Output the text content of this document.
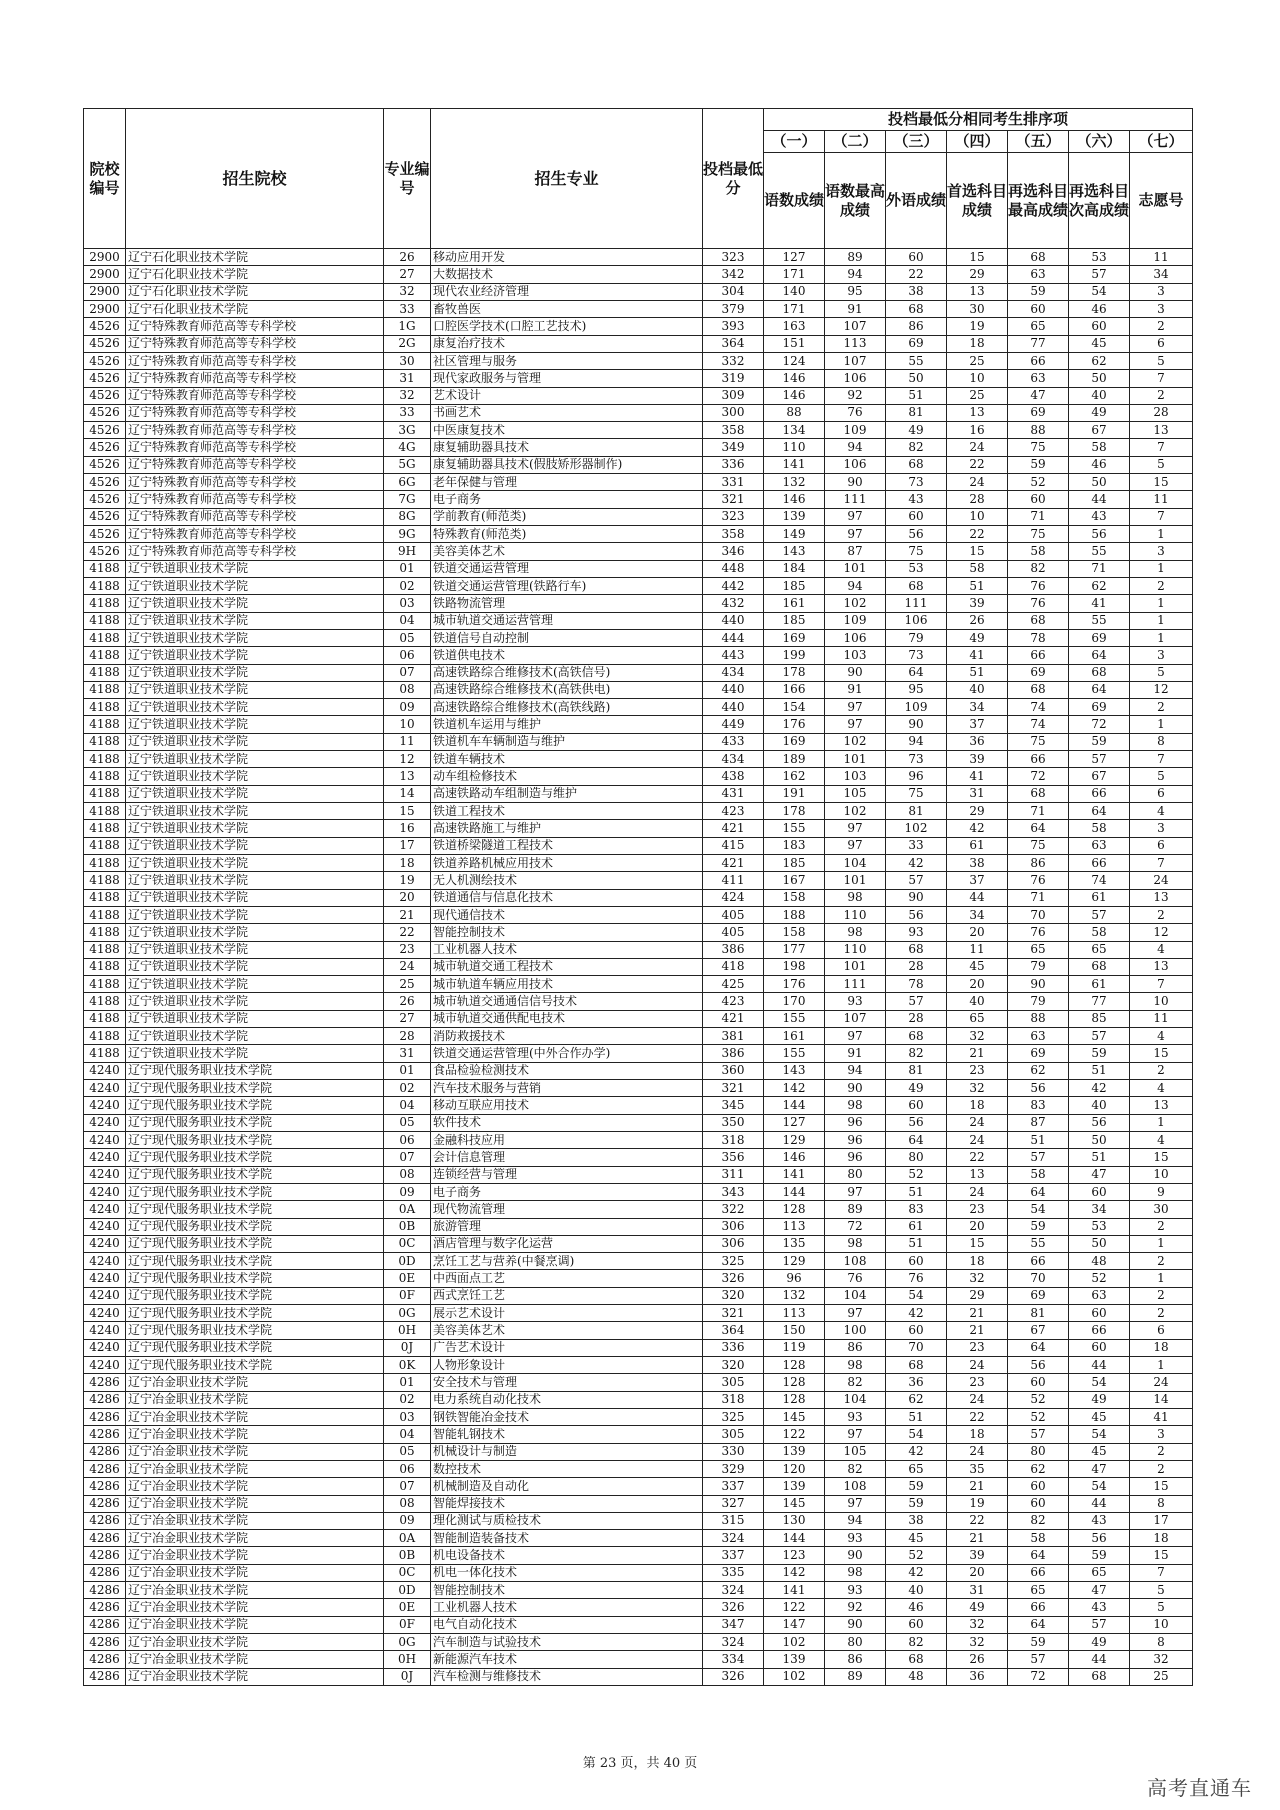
院校编号	招生院校	专业编号	招生专业	投档最低分	投档最低分相同考生排序项						
					（一）	（二）	（三）	（四）	（五）	（六）	（七）
					语数成绩	语数最高成绩	外语成绩	首选科目成绩	再选科目最高成绩	再选科目次高成绩	志愿号
2900	辽宁石化职业技术学院	26	移动应用开发	323	127	89	60	15	68	53	11
2900	辽宁石化职业技术学院	27	大数据技术	342	171	94	22	29	63	57	34
2900	辽宁石化职业技术学院	32	现代农业经济管理	304	140	95	38	13	59	54	3
2900	辽宁石化职业技术学院	33	畜牧兽医	379	171	91	68	30	60	46	3
4526	辽宁特殊教育师范高等专科学校	1G	口腔医学技术(口腔工艺技术)	393	163	107	86	19	65	60	2
4526	辽宁特殊教育师范高等专科学校	2G	康复治疗技术	364	151	113	69	18	77	45	6
4526	辽宁特殊教育师范高等专科学校	30	社区管理与服务	332	124	107	55	25	66	62	5
4526	辽宁特殊教育师范高等专科学校	31	现代家政服务与管理	319	146	106	50	10	63	50	7
4526	辽宁特殊教育师范高等专科学校	32	艺术设计	309	146	92	51	25	47	40	2
4526	辽宁特殊教育师范高等专科学校	33	书画艺术	300	88	76	81	13	69	49	28
4526	辽宁特殊教育师范高等专科学校	3G	中医康复技术	358	134	109	49	16	88	67	13
4526	辽宁特殊教育师范高等专科学校	4G	康复辅助器具技术	349	110	94	82	24	75	58	7
4526	辽宁特殊教育师范高等专科学校	5G	康复辅助器具技术(假肢矫形器制作)	336	141	106	68	22	59	46	5
4526	辽宁特殊教育师范高等专科学校	6G	老年保健与管理	331	132	90	73	24	52	50	15
4526	辽宁特殊教育师范高等专科学校	7G	电子商务	321	146	111	43	28	60	44	11
4526	辽宁特殊教育师范高等专科学校	8G	学前教育(师范类)	323	139	97	60	10	71	43	7
4526	辽宁特殊教育师范高等专科学校	9G	特殊教育(师范类)	358	149	97	56	22	75	56	1
4526	辽宁特殊教育师范高等专科学校	9H	美容美体艺术	346	143	87	75	15	58	55	3
4188	辽宁铁道职业技术学院	01	铁道交通运营管理	448	184	101	53	58	82	71	1
4188	辽宁铁道职业技术学院	02	铁道交通运营管理(铁路行车)	442	185	94	68	51	76	62	2
4188	辽宁铁道职业技术学院	03	铁路物流管理	432	161	102	111	39	76	41	1
4188	辽宁铁道职业技术学院	04	城市轨道交通运营管理	440	185	109	106	26	68	55	1
4188	辽宁铁道职业技术学院	05	铁道信号自动控制	444	169	106	79	49	78	69	1
4188	辽宁铁道职业技术学院	06	铁道供电技术	443	199	103	73	41	66	64	3
4188	辽宁铁道职业技术学院	07	高速铁路综合维修技术(高铁信号)	434	178	90	64	51	69	68	5
4188	辽宁铁道职业技术学院	08	高速铁路综合维修技术(高铁供电)	440	166	91	95	40	68	64	12
4188	辽宁铁道职业技术学院	09	高速铁路综合维修技术(高铁线路)	440	154	97	109	34	74	69	2
4188	辽宁铁道职业技术学院	10	铁道机车运用与维护	449	176	97	90	37	74	72	1
4188	辽宁铁道职业技术学院	11	铁道机车车辆制造与维护	433	169	102	94	36	75	59	8
4188	辽宁铁道职业技术学院	12	铁道车辆技术	434	189	101	73	39	66	57	7
4188	辽宁铁道职业技术学院	13	动车组检修技术	438	162	103	96	41	72	67	5
4188	辽宁铁道职业技术学院	14	高速铁路动车组制造与维护	431	191	105	75	31	68	66	6
4188	辽宁铁道职业技术学院	15	铁道工程技术	423	178	102	81	29	71	64	4
4188	辽宁铁道职业技术学院	16	高速铁路施工与维护	421	155	97	102	42	64	58	3
4188	辽宁铁道职业技术学院	17	铁道桥梁隧道工程技术	415	183	97	33	61	75	63	6
4188	辽宁铁道职业技术学院	18	铁道养路机械应用技术	421	185	104	42	38	86	66	7
4188	辽宁铁道职业技术学院	19	无人机测绘技术	411	167	101	57	37	76	74	24
4188	辽宁铁道职业技术学院	20	铁道通信与信息化技术	424	158	98	90	44	71	61	13
4188	辽宁铁道职业技术学院	21	现代通信技术	405	188	110	56	34	70	57	2
4188	辽宁铁道职业技术学院	22	智能控制技术	405	158	98	93	20	76	58	12
4188	辽宁铁道职业技术学院	23	工业机器人技术	386	177	110	68	11	65	65	4
4188	辽宁铁道职业技术学院	24	城市轨道交通工程技术	418	198	101	28	45	79	68	13
4188	辽宁铁道职业技术学院	25	城市轨道车辆应用技术	425	176	111	78	20	90	61	7
4188	辽宁铁道职业技术学院	26	城市轨道交通通信信号技术	423	170	93	57	40	79	77	10
4188	辽宁铁道职业技术学院	27	城市轨道交通供配电技术	421	155	107	28	65	88	85	11
4188	辽宁铁道职业技术学院	28	消防救援技术	381	161	97	68	32	63	57	4
4188	辽宁铁道职业技术学院	31	铁道交通运营管理(中外合作办学)	386	155	91	82	21	69	59	15
4240	辽宁现代服务职业技术学院	01	食品检验检测技术	360	143	94	81	23	62	51	2
4240	辽宁现代服务职业技术学院	02	汽车技术服务与营销	321	142	90	49	32	56	42	4
4240	辽宁现代服务职业技术学院	04	移动互联应用技术	345	144	98	60	18	83	40	13
4240	辽宁现代服务职业技术学院	05	软件技术	350	127	96	56	24	87	56	1
4240	辽宁现代服务职业技术学院	06	金融科技应用	318	129	96	64	24	51	50	4
4240	辽宁现代服务职业技术学院	07	会计信息管理	356	146	96	80	22	57	51	15
4240	辽宁现代服务职业技术学院	08	连锁经营与管理	311	141	80	52	13	58	47	10
4240	辽宁现代服务职业技术学院	09	电子商务	343	144	97	51	24	64	60	9
4240	辽宁现代服务职业技术学院	0A	现代物流管理	322	128	89	83	23	54	34	30
4240	辽宁现代服务职业技术学院	0B	旅游管理	306	113	72	61	20	59	53	2
4240	辽宁现代服务职业技术学院	0C	酒店管理与数字化运营	306	135	98	51	15	55	50	1
4240	辽宁现代服务职业技术学院	0D	烹饪工艺与营养(中餐烹调)	325	129	108	60	18	66	48	2
4240	辽宁现代服务职业技术学院	0E	中西面点工艺	326	96	76	76	32	70	52	1
4240	辽宁现代服务职业技术学院	0F	西式烹饪工艺	320	132	104	54	29	69	63	2
4240	辽宁现代服务职业技术学院	0G	展示艺术设计	321	113	97	42	21	81	60	2
4240	辽宁现代服务职业技术学院	0H	美容美体艺术	364	150	100	60	21	67	66	6
4240	辽宁现代服务职业技术学院	0J	广告艺术设计	336	119	86	70	23	64	60	18
4240	辽宁现代服务职业技术学院	0K	人物形象设计	320	128	98	68	24	56	44	1
4286	辽宁冶金职业技术学院	01	安全技术与管理	305	128	82	36	23	60	54	24
4286	辽宁冶金职业技术学院	02	电力系统自动化技术	318	128	104	62	24	52	49	14
4286	辽宁冶金职业技术学院	03	钢铁智能冶金技术	325	145	93	51	22	52	45	41
4286	辽宁冶金职业技术学院	04	智能轧钢技术	305	122	97	54	18	57	54	3
4286	辽宁冶金职业技术学院	05	机械设计与制造	330	139	105	42	24	80	45	2
4286	辽宁冶金职业技术学院	06	数控技术	329	120	82	65	35	62	47	2
4286	辽宁冶金职业技术学院	07	机械制造及自动化	337	139	108	59	21	60	54	15
4286	辽宁冶金职业技术学院	08	智能焊接技术	327	145	97	59	19	60	44	8
4286	辽宁冶金职业技术学院	09	理化测试与质检技术	315	130	94	38	22	82	43	17
4286	辽宁冶金职业技术学院	0A	智能制造装备技术	324	144	93	45	21	58	56	18
4286	辽宁冶金职业技术学院	0B	机电设备技术	337	123	90	52	39	64	59	15
4286	辽宁冶金职业技术学院	0C	机电一体化技术	335	142	98	42	20	66	65	7
4286	辽宁冶金职业技术学院	0D	智能控制技术	324	141	93	40	31	65	47	5
4286	辽宁冶金职业技术学院	0E	工业机器人技术	326	122	92	46	49	66	43	5
4286	辽宁冶金职业技术学院	0F	电气自动化技术	347	147	90	60	32	64	57	10
4286	辽宁冶金职业技术学院	0G	汽车制造与试验技术	324	102	80	82	32	59	49	8
4286	辽宁冶金职业技术学院	0H	新能源汽车技术	334	139	86	68	26	57	44	32
4286	辽宁冶金职业技术学院	0J	汽车检测与维修技术	326	102	89	48	36	72	68	25
第 23 页，共 40 页
高考直通车
